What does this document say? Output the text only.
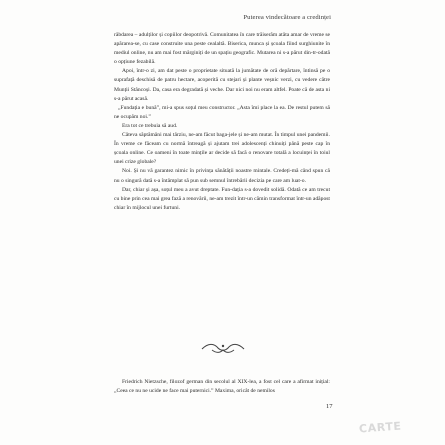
Puterea vindecătoare a credinței

rābdarea – adulților și copiilor deopotrivă. Comunitatea în care trăiserăm atâta amar de vreme se apărarea-se, cu case construite una peste cealaltă. Biserica, munca și școala fiind surghiunite în mediul online, nu am mai fost mărginiți de un spațiu geografic. Mutarea ni s-a părut din-tr-odată o opțiune fezabilă.

Apoi, într-o zi, am dat peste o proprietate situată la jumătate de oră depărtare, întinsă pe o suprafață deschisă de patru hectare, acoperită cu stejari și plante veșnic verzi, cu vedere către Munții Stâncoși. Da, casa era degradată și veche. Dar nici noi nu eram altfel. Poate că de asta ni s-a părut acasă.

„Fundația e bună”, mi-a spus soțul meu constructor. „Asta îmi place la ea. De restul putem să ne ocupăm noi.”

Era tot ce trebuia să aud.

Câteva săptămâni mai târziu, ne-am făcut baga-jele și ne-am mutat. În timpul unei pandemii. În vreme ce făceam cu normă întreagă și ajutam trei adolescenți chinuiți până peste cap în școala online. Ce oameni în toate mințile ar decide să facă o renovare totală a locuinței în toiul unei crize globale?

Noi. Și nu vă garantez nimic în privința sănătății noastre mintale. Credeți-mă când spun că nu o singură dată s-a întâmplat să pun sub semnul întrebării decizia pe care am luat-o.

Dar, chiar și așa, soțul meu a avut dreptate. Fun-dația s-a dovedit solidă. Odată ce am trecut cu bine prin cea mai grea fază a renovării, ne-am trezit într-un cămin transformat într-un adăpost chiar în mijlocul unei furtuni.

Friedrich Nietzsche, filozof german din secolul al XIX-lea, a fost cel care a afirmat inițial: „Ceea ce nu ne ucide ne face mai puternici.” Maxima, oricât de nemilos

17
CARTE
